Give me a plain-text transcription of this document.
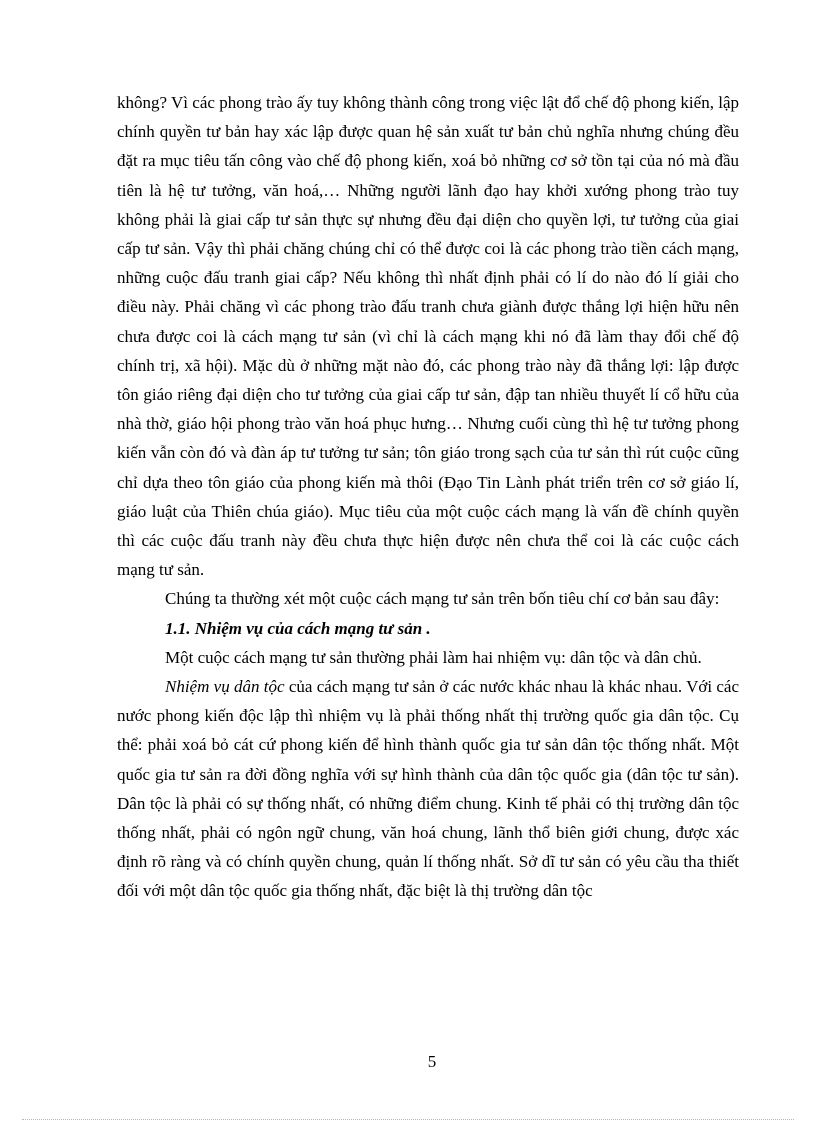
không? Vì các phong trào ấy tuy không thành công trong việc lật đổ chế độ phong kiến, lập chính quyền tư bản hay xác lập được quan hệ sản xuất tư bản chủ nghĩa nhưng chúng đều đặt ra mục tiêu tấn công vào chế độ phong kiến, xoá bỏ những cơ sở tồn tại của nó mà đầu tiên là hệ tư tưởng, văn hoá,… Những người lãnh đạo hay khởi xướng phong trào tuy không phải là giai cấp tư sản thực sự nhưng đều đại diện cho quyền lợi, tư tưởng của giai cấp tư sản. Vậy thì phải chăng chúng chỉ có thể được coi là các phong trào tiền cách mạng, những cuộc đấu tranh giai cấp? Nếu không thì nhất định phải có lí do nào đó lí giải cho điều này. Phải chăng vì các phong trào đấu tranh chưa giành được thắng lợi hiện hữu nên chưa được coi là cách mạng tư sản (vì chỉ là cách mạng khi nó đã làm thay đổi chế độ chính trị, xã hội). Mặc dù ở những mặt nào đó, các phong trào này đã thắng lợi: lập được tôn giáo riêng đại diện cho tư tưởng của giai cấp tư sản, đập tan nhiều thuyết lí cổ hữu của nhà thờ, giáo hội phong trào văn hoá phục hưng… Nhưng cuối cùng thì hệ tư tưởng phong kiến vẫn còn đó và đàn áp tư tưởng tư sản; tôn giáo trong sạch của tư sản thì rút cuộc cũng chỉ dựa theo tôn giáo của phong kiến mà thôi (Đạo Tin Lành phát triển trên cơ sở giáo lí, giáo luật của Thiên chúa giáo). Mục tiêu của một cuộc cách mạng là vấn đề chính quyền thì các cuộc đấu tranh này đều chưa thực hiện được nên chưa thể coi là các cuộc cách mạng tư sản.

Chúng ta thường xét một cuộc cách mạng tư sản trên bốn tiêu chí cơ bản sau đây:

1.1. Nhiệm vụ của cách mạng tư sản .

Một cuộc cách mạng tư sản thường phải làm hai nhiệm vụ: dân tộc và dân chủ.

Nhiệm vụ dân tộc của cách mạng tư sản ở các nước khác nhau là khác nhau. Với các nước phong kiến độc lập thì nhiệm vụ là phải thống nhất thị trường quốc gia dân tộc. Cụ thể: phải xoá bỏ cát cứ phong kiến để hình thành quốc gia tư sản dân tộc thống nhất. Một quốc gia tư sản ra đời đồng nghĩa với sự hình thành của dân tộc quốc gia (dân tộc tư sản). Dân tộc là phải có sự thống nhất, có những điểm chung. Kinh tế phải có thị trường dân tộc thống nhất, phải có ngôn ngữ chung, văn hoá chung, lãnh thổ biên giới chung, được xác định rõ ràng và có chính quyền chung, quản lí thống nhất. Sở dĩ tư sản có yêu cầu tha thiết đối với một dân tộc quốc gia thống nhất, đặc biệt là thị trường dân tộc

5
